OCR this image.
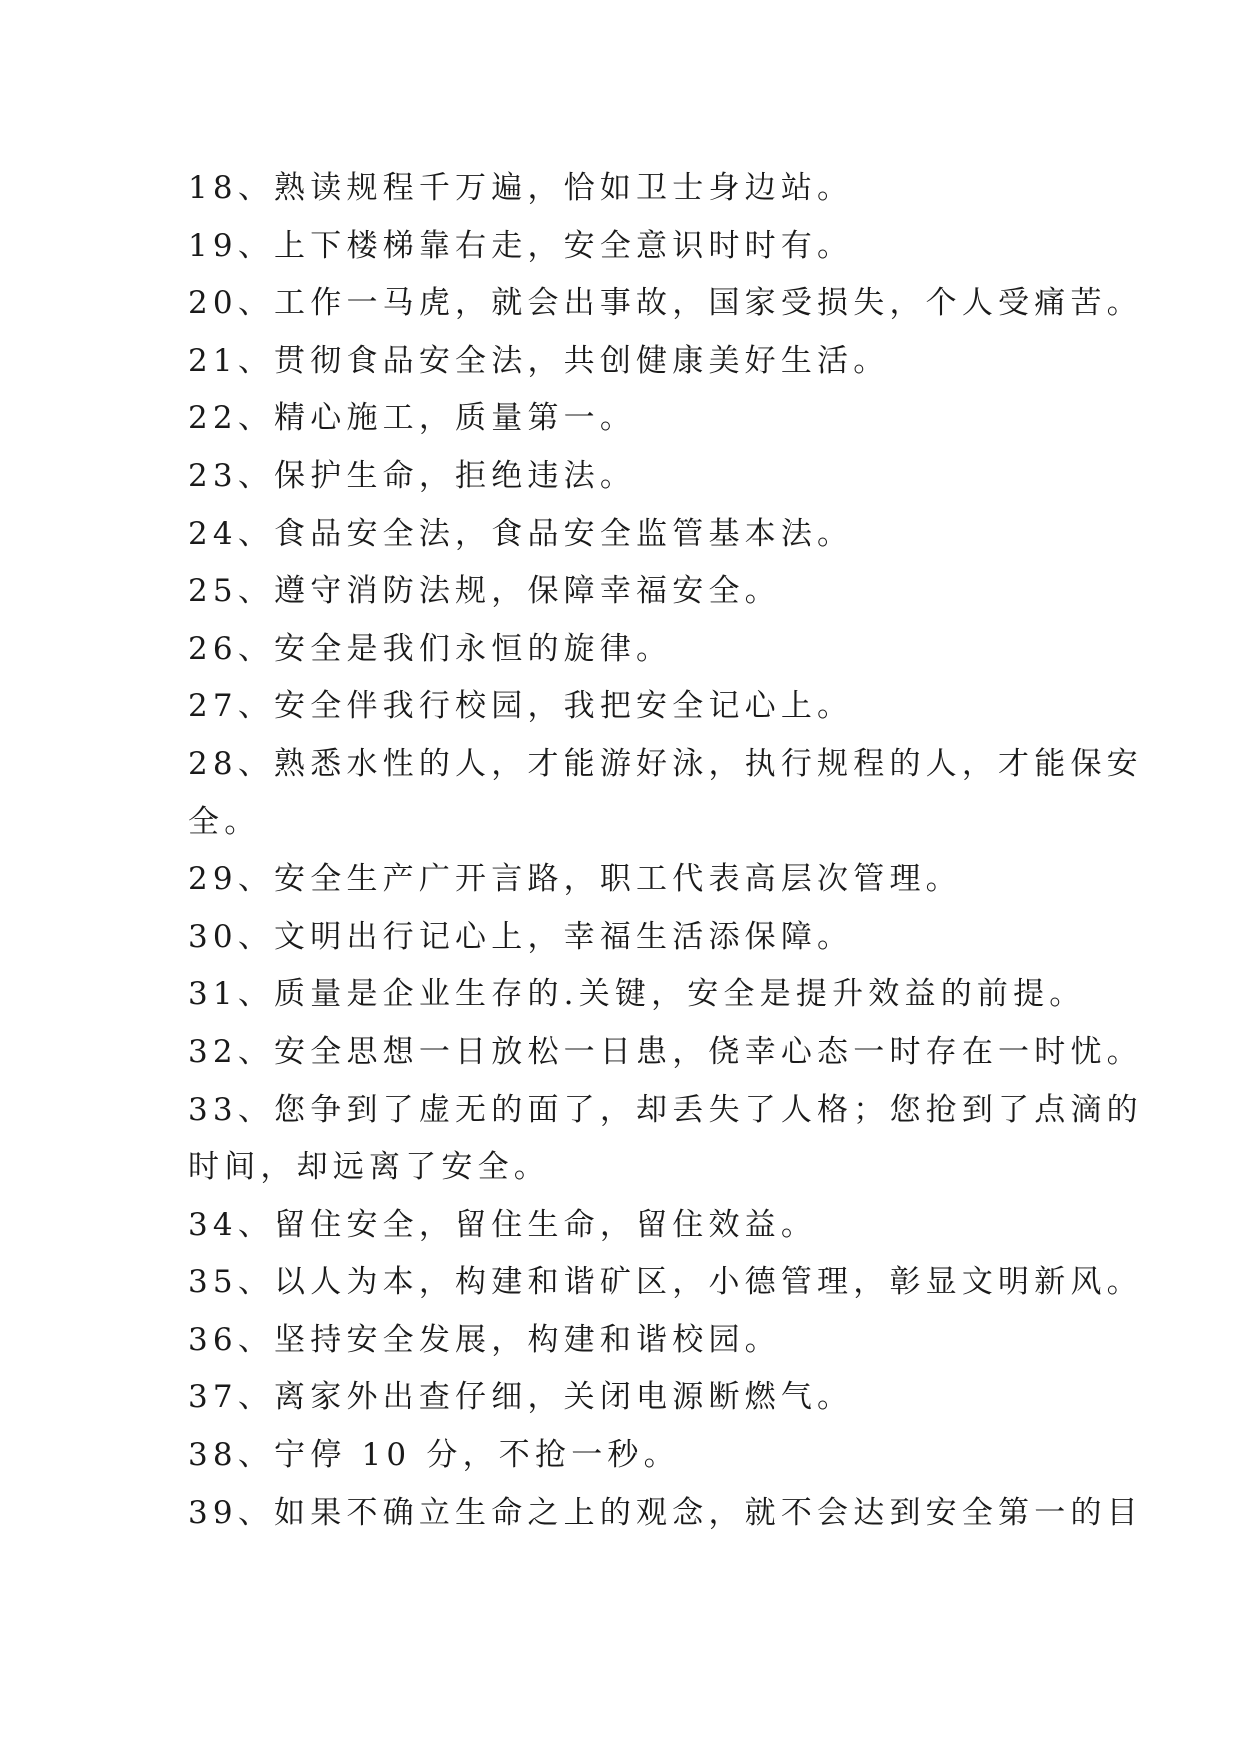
18、熟读规程千万遍，恰如卫士身边站。
19、上下楼梯靠右走，安全意识时时有。
20、工作一马虎，就会出事故，国家受损失，个人受痛苦。
21、贯彻食品安全法，共创健康美好生活。
22、精心施工，质量第一。
23、保护生命，拒绝违法。
24、食品安全法，食品安全监管基本法。
25、遵守消防法规，保障幸福安全。
26、安全是我们永恒的旋律。
27、安全伴我行校园，我把安全记心上。
28、熟悉水性的人，才能游好泳，执行规程的人，才能保安
全。
29、安全生产广开言路，职工代表高层次管理。
30、文明出行记心上，幸福生活添保障。
31、质量是企业生存的.关键，安全是提升效益的前提。
32、安全思想一日放松一日患，侥幸心态一时存在一时忧。
33、您争到了虚无的面了，却丢失了人格；您抢到了点滴的
时间，却远离了安全。
34、留住安全，留住生命，留住效益。
35、以人为本，构建和谐矿区，小德管理，彰显文明新风。
36、坚持安全发展，构建和谐校园。
37、离家外出查仔细，关闭电源断燃气。
38、宁停 10 分，不抢一秒。
39、如果不确立生命之上的观念，就不会达到安全第一的目
